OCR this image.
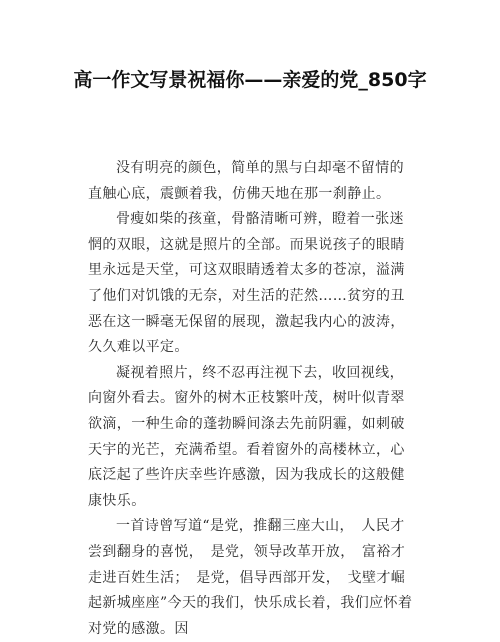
高一作文写景祝福你——亲爱的党_850字

没有明亮的颜色，简单的黑与白却毫不留情的直触心底，震颤着我，仿佛天地在那一刹静止。

骨瘦如柴的孩童，骨骼清晰可辨，瞪着一张迷惘的双眼，这就是照片的全部。而果说孩子的眼睛里永远是天堂，可这双眼睛透着太多的苍凉，溢满了他们对饥饿的无奈，对生活的茫然……贫穷的丑恶在这一瞬毫无保留的展现，激起我内心的波涛，久久难以平定。

凝视着照片，终不忍再注视下去，收回视线，向窗外看去。窗外的树木正枝繁叶茂，树叶似青翠欲滴，一种生命的蓬勃瞬间涤去先前阴霾，如刺破天宇的光芒，充满希望。看着窗外的高楼林立，心底泛起了些许庆幸些许感激，因为我成长的这般健康快乐。

一首诗曾写道“是党，推翻三座大山，　人民才尝到翻身的喜悦，　是党，领导改革开放，　富裕才走进百姓生活；　是党，倡导西部开发，　戈壁才崛起新城座座”今天的我们，快乐成长着，我们应怀着对党的感激。因
